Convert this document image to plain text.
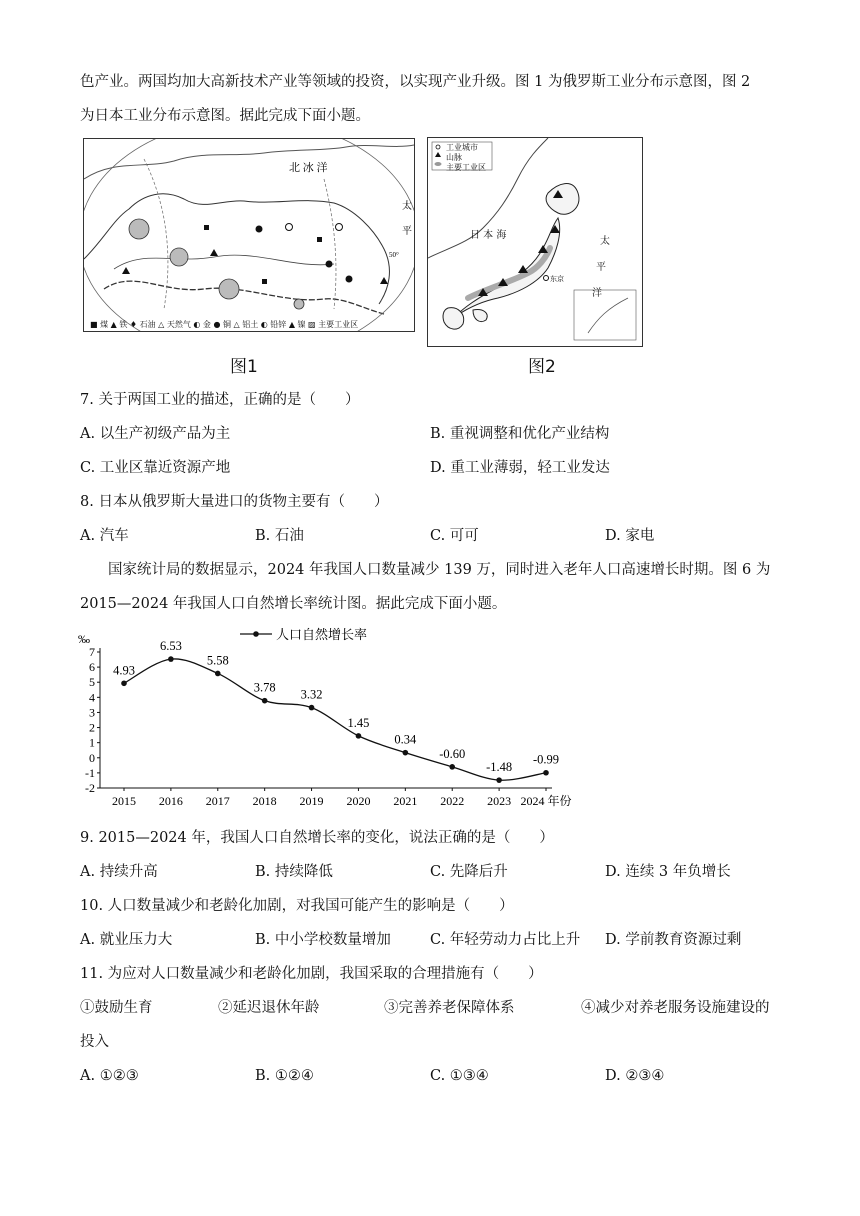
色产业。两国均加大高新技术产业等领域的投资，以实现产业升级。图 1 为俄罗斯工业分布示意图，图 2
为日本工业分布示意图。据此完成下面小题。
北 冰 洋
太
平
50°
■ 煤 ▲ 铁 ♦ 石油 △ 天然气 ◐ 金 ● 铜 △ 铝土 ◐ 铅锌 ▲ 镍 ▨ 主要工业区
图1
工业城市
山脉
主要工业区
日 本 海
太
平
洋
东京
图2
7. 关于两国工业的描述，正确的是（　　）
A. 以生产初级产品为主	B. 重视调整和优化产业结构
C. 工业区靠近资源产地	D. 重工业薄弱，轻工业发达
8. 日本从俄罗斯大量进口的货物主要有（　　）
A. 汽车	B. 石油	C. 可可	D. 家电
国家统计局的数据显示，2024 年我国人口数量减少 139 万，同时进入老年人口高速增长时期。图 6 为
2015—2024 年我国人口自然增长率统计图。据此完成下面小题。
‰
7
6
5
4
3
2
1
0
-1
-2
2015 2016 2017 2018 2019 2020 2021 2022 2023 2024 年份
4.93
6.53
5.58
3.78 3.32
1.45
0.34
-0.60
-1.48
-0.99
人口自然增长率
9. 2015—2024 年，我国人口自然增长率的变化，说法正确的是（　　）
A. 持续升高	B. 持续降低	C. 先降后升	D. 连续 3 年负增长
10. 人口数量减少和老龄化加剧，对我国可能产生的影响是（　　）
A. 就业压力大	B. 中小学校数量增加	C. 年轻劳动力占比上升 D. 学前教育资源过剩
11. 为应对人口数量减少和老龄化加剧，我国采取的合理措施有（　　）
①鼓励生育	②延迟退休年龄	③完善养老保障体系	④减少对养老服务设施建设的
投入
A. ①②③	B. ①②④	C. ①③④	D. ②③④
